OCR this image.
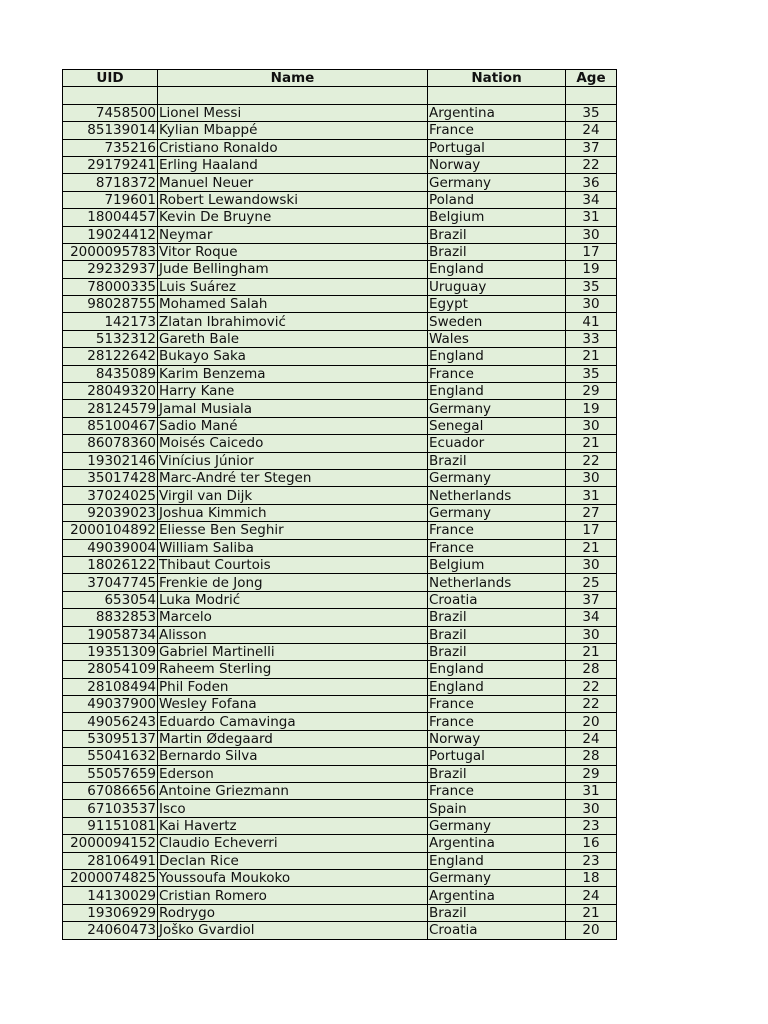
UID	Name	Nation	Age

7458500	Lionel Messi	Argentina	35
85139014	Kylian Mbappé	France	24
735216	Cristiano Ronaldo	Portugal	37
29179241	Erling Haaland	Norway	22
8718372	Manuel Neuer	Germany	36
719601	Robert Lewandowski	Poland	34
18004457	Kevin De Bruyne	Belgium	31
19024412	Neymar	Brazil	30
2000095783	Vitor Roque	Brazil	17
29232937	Jude Bellingham	England	19
78000335	Luis Suárez	Uruguay	35
98028755	Mohamed Salah	Egypt	30
142173	Zlatan Ibrahimović	Sweden	41
5132312	Gareth Bale	Wales	33
28122642	Bukayo Saka	England	21
8435089	Karim Benzema	France	35
28049320	Harry Kane	England	29
28124579	Jamal Musiala	Germany	19
85100467	Sadio Mané	Senegal	30
86078360	Moisés Caicedo	Ecuador	21
19302146	Vinícius Júnior	Brazil	22
35017428	Marc-André ter Stegen	Germany	30
37024025	Virgil van Dijk	Netherlands	31
92039023	Joshua Kimmich	Germany	27
2000104892	Eliesse Ben Seghir	France	17
49039004	William Saliba	France	21
18026122	Thibaut Courtois	Belgium	30
37047745	Frenkie de Jong	Netherlands	25
653054	Luka Modrić	Croatia	37
8832853	Marcelo	Brazil	34
19058734	Alisson	Brazil	30
19351309	Gabriel Martinelli	Brazil	21
28054109	Raheem Sterling	England	28
28108494	Phil Foden	England	22
49037900	Wesley Fofana	France	22
49056243	Eduardo Camavinga	France	20
53095137	Martin Ødegaard	Norway	24
55041632	Bernardo Silva	Portugal	28
55057659	Ederson	Brazil	29
67086656	Antoine Griezmann	France	31
67103537	Isco	Spain	30
91151081	Kai Havertz	Germany	23
2000094152	Claudio Echeverri	Argentina	16
28106491	Declan Rice	England	23
2000074825	Youssoufa Moukoko	Germany	18
14130029	Cristian Romero	Argentina	24
19306929	Rodrygo	Brazil	21
24060473	Joško Gvardiol	Croatia	20
